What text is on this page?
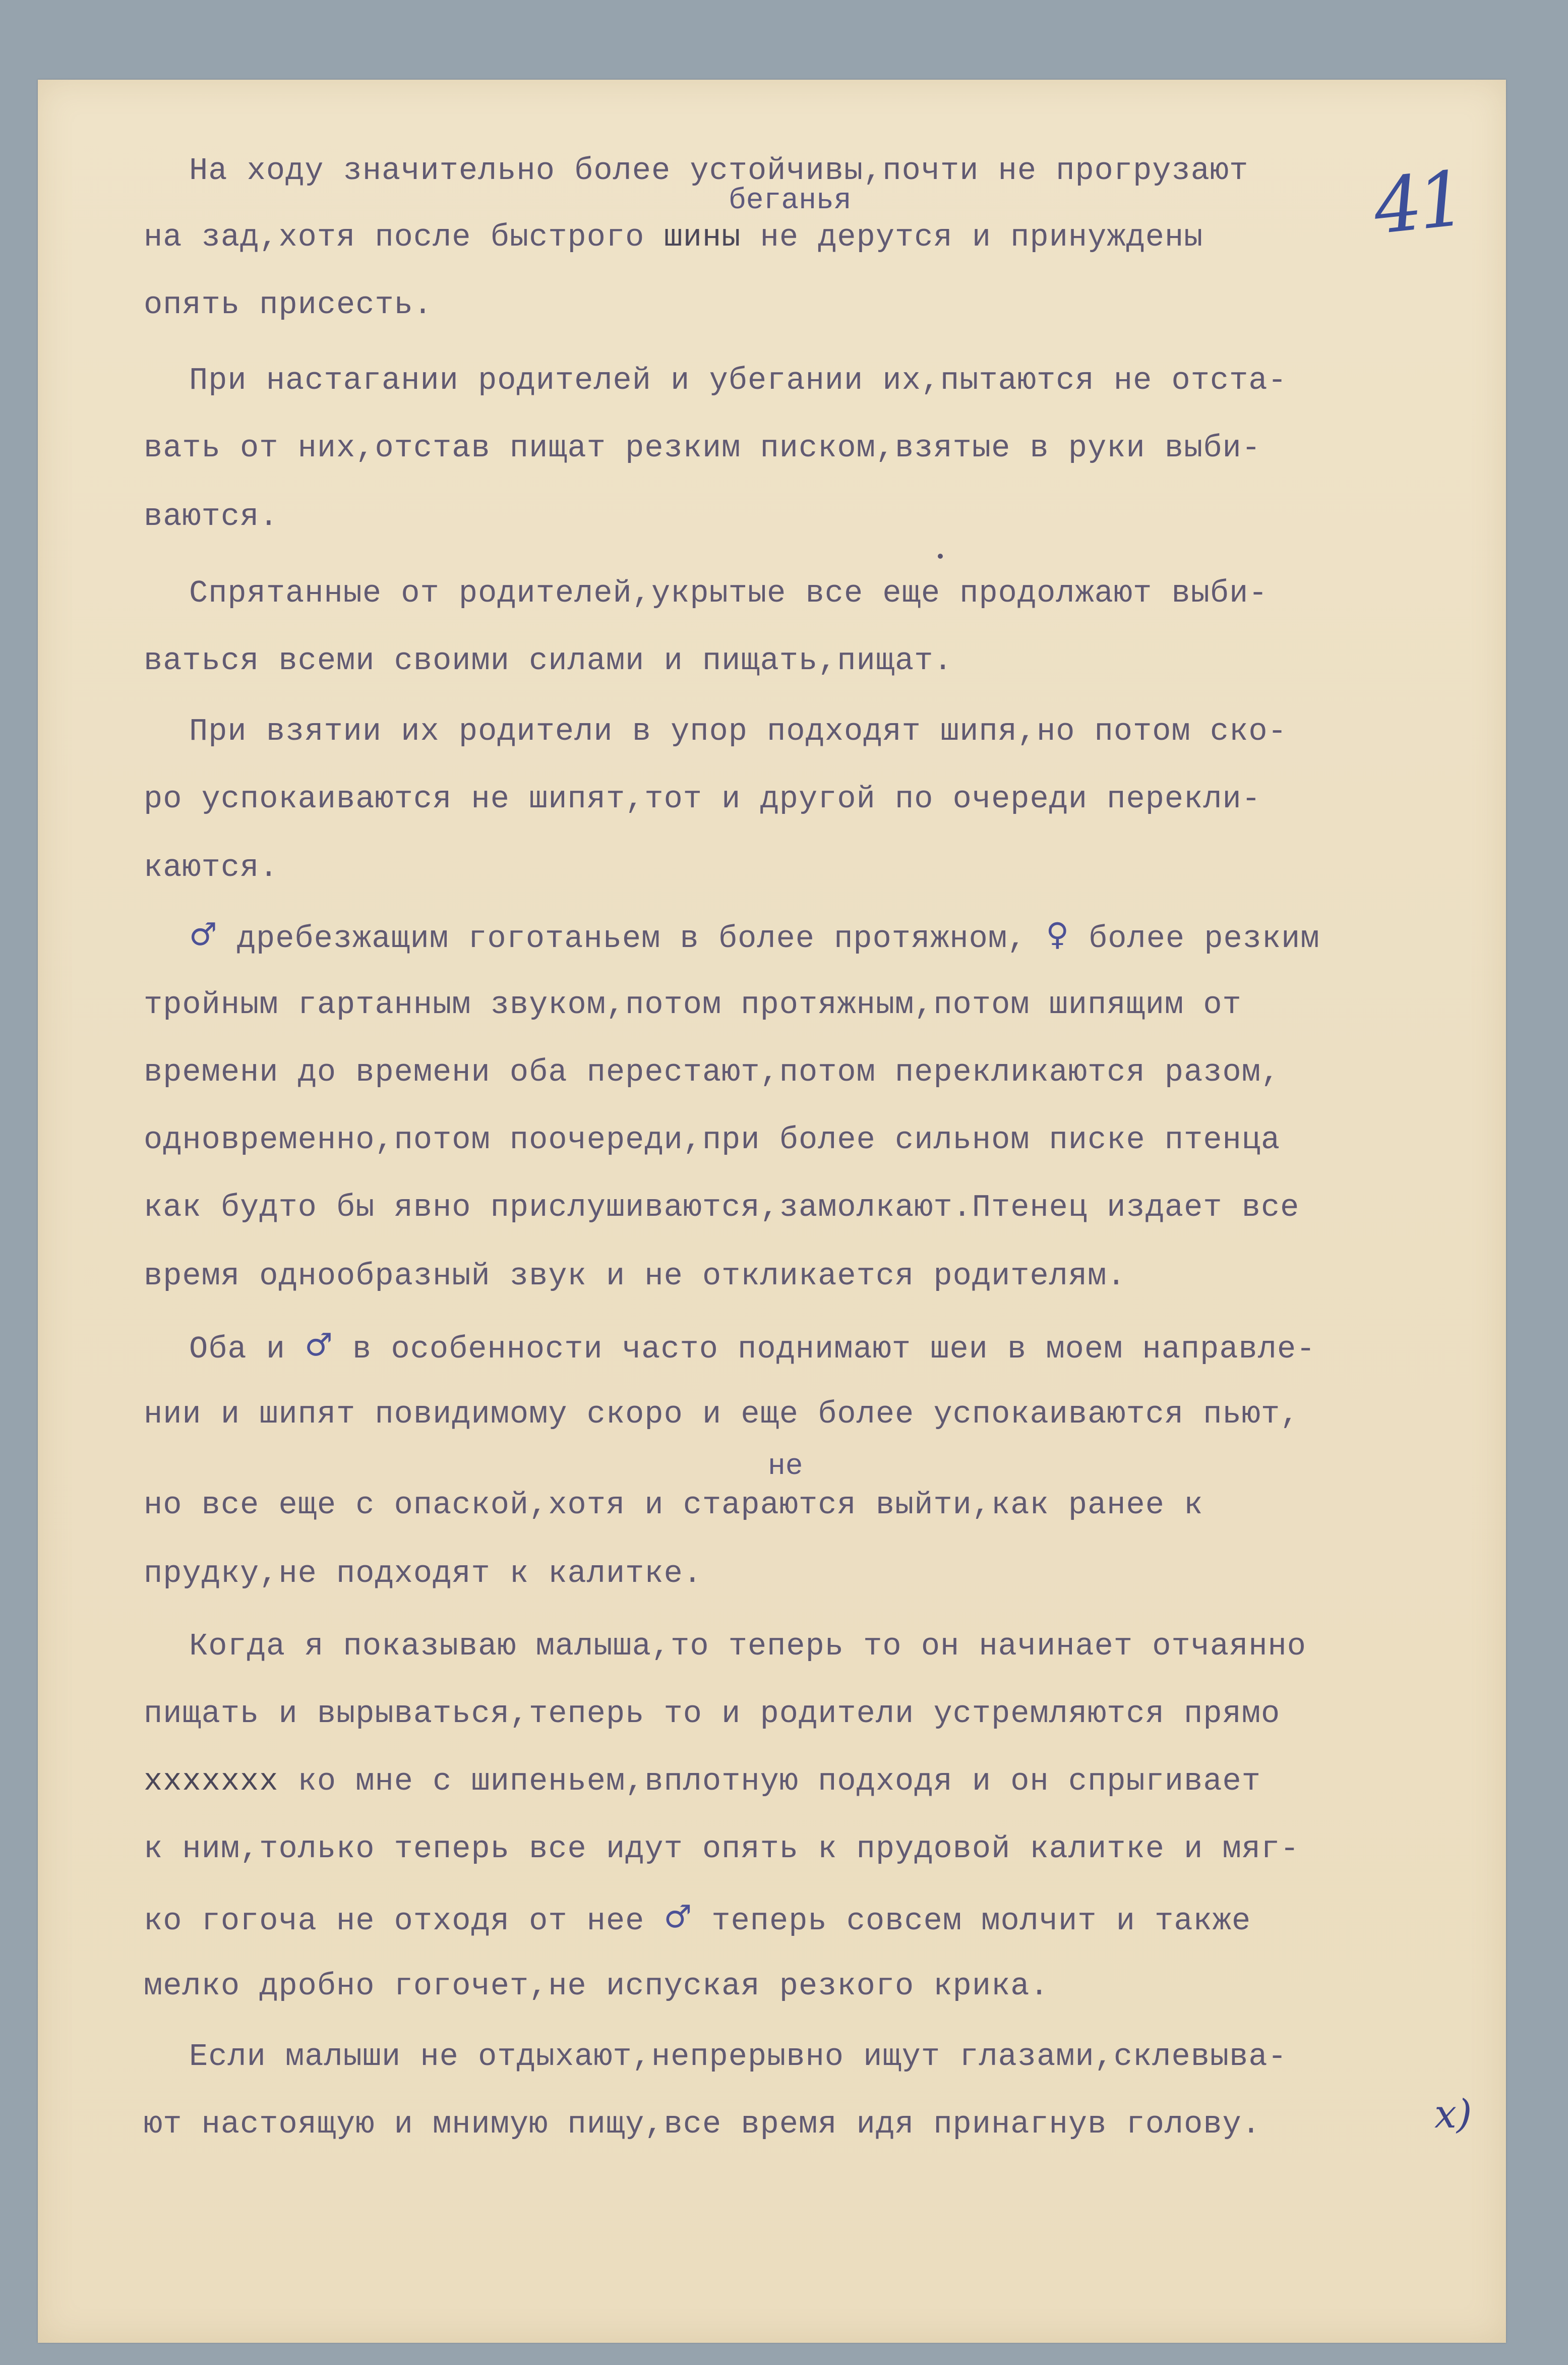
41

беганья

не

На ходу значительно более устойчивы,почти не прогрузают

на зад,хотя после быстрого шины не дерутся и принуждены

опять присесть.

При настагании родителей и убегании их,пытаются не отста-

вать от них,отстав пищат резким писком,взятые в руки выби-

ваются.

Спрятанные от родителей,укрытые все еще продолжают выби-

ваться всеми своими силами и пищать,пищат.

При взятии их родители в упор подходят шипя,но потом ско-

ро успокаиваются не шипят,тот и другой по очереди перекли-

каются.

♂ дребезжащим гоготаньем в более протяжном, ♀ более резким

тройным гартанным звуком,потом протяжным,потом шипящим от

времени до времени оба перестают,потом перекликаются разом,

одновременно,потом поочереди,при более сильном писке птенца

как будто бы явно прислушиваются,замолкают.Птенец издает все

время однообразный звук и не откликается родителям.

Оба и ♂ в особенности часто поднимают шеи в моем направле-

нии и шипят повидимому скоро и еще более успокаиваются пьют,

но все еще с опаской,хотя и стараются выйти,как ранее к

прудку,не подходят к калитке.

Когда я показываю малыша,то теперь то он начинает отчаянно

пищать и вырываться,теперь то и родители устремляются прямо

ххххххх ко мне с шипеньем,вплотную подходя и он спрыгивает

к ним,только теперь все идут опять к прудовой калитке и мяг-

ко гогоча не отходя от нее ♂ теперь совсем молчит и также

мелко дробно гогочет,не испуская резкого крика.

Если малыши не отдыхают,непрерывно ищут глазами,склевыва-

ют настоящую и мнимую пищу,все время идя принагнув голову.	x)
